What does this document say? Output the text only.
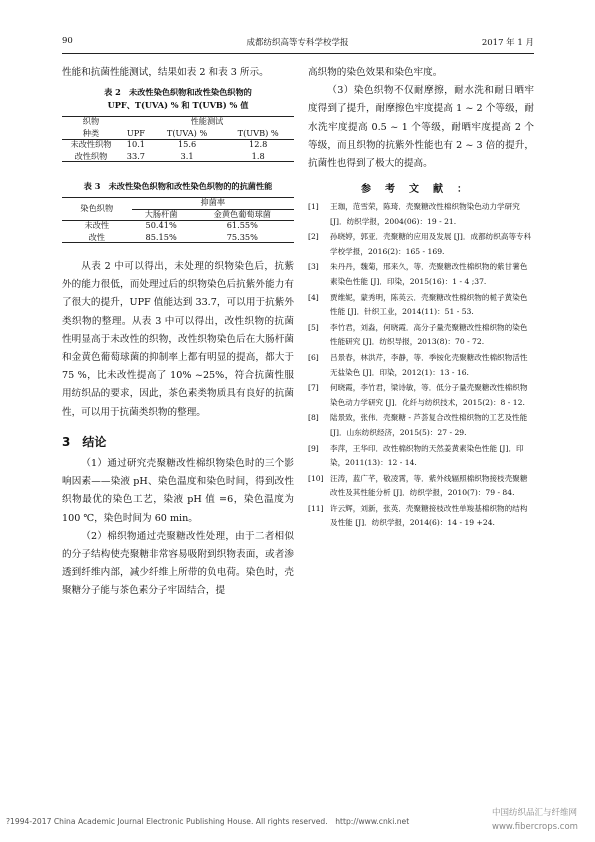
90	成都纺织高等专科学校学报	2017 年 1 月

性能和抗菌性能测试，结果如表 2 和表 3 所示。

表 2　未改性染色织物和改性染色织物的
UPF、T(UVA) % 和 T(UVB) % 值
织物	性能测试		
种类	UPF	T(UVA) %	T(UVB) %
未改性织物	10.1	15.6	12.8
改性织物	33.7	3.1	1.8
表 3　未改性染色织物和改性染色织物的的抗菌性能
染色织物	抑菌率	
	大肠杆菌	金黄色葡萄球菌
未改性	50.41%	61.55%
改性	85.15%	75.35%

从表 2 中可以得出，未处理的织物染色后，抗紫外的能力很低，而处理过后的织物染色后抗紫外能力有了很大的提升，UPF 值能达到 33.7，可以用于抗紫外类织物的整理。从表 3 中可以得出，改性织物的抗菌性明显高于未改性的织物，改性织物染色后在大肠杆菌和金黄色葡萄球菌的抑制率上都有明显的提高，都大于 75 %，比未改性提高了 10% ~25%，符合抗菌性服用纺织品的要求，因此，茶色素类物质具有良好的抗菌性，可以用于抗菌类织物的整理。

3　结论

（1）通过研究壳聚糖改性棉织物染色时的三个影响因素——染液 pH、染色温度和染色时间，得到改性织物最优的染色工艺，染液 pH 值 =6，染色温度为 100 ℃，染色时间为 60 min。

（2）棉织物通过壳聚糖改性处理，由于二者相似的分子结构使壳聚糖非常容易吸附到织物表面，或者渗透到纤维内部，减少纤维上所带的负电荷。染色时，壳聚糖分子能与茶色素分子牢固结合，提

高织物的染色效果和染色牢度。

（3）染色织物不仅耐摩擦，耐水洗和耐日晒牢度得到了提升，耐摩擦色牢度提高 1 ~ 2 个等级，耐水洗牢度提高 0.5 ~ 1 个等级，耐晒牢度提高 2 个等级，而且织物的抗紫外性能也有 2 ~ 3 倍的提升，抗菌性也得到了极大的提高。

参考文献：
[1]	王珈，范雪荣，陈琦．壳聚糖改性棉织物染色动力学研究 [J]．纺织学报，2004(06)：19 - 21.
[2]	孙晓婷，郭亚．壳聚糖的应用及发展 [J]．成都纺织高等专科学校学报，2016(2)：165 - 169.
[3]	朱丹丹，魏菊，邢来久，等．壳聚糖改性棉织物的紫甘薯色素染色性能 [J]．印染，2015(16)：1 - 4 ;37.
[4]	贾维妮，蒙秀明，陈英云．壳聚糖改性棉织物的栀子黄染色性能 [J]．针织工业，2014(11)：51 - 53.
[5]	李竹君，刘淼，何晓霞．高分子量壳聚糖改性棉织物的染色性能研究 [J]．纺织导报，2013(8)：70 - 72.
[6]	吕景春，林洪芹，李静，等．季铵化壳聚糖改性棉织物活性无盐染色 [J]．印染，2012(1)：13 - 16.
[7]	何晓霞，李竹君，梁诗敏，等．低分子量壳聚糖改性棉织物染色动力学研究 [J]．化纤与纺织技术，2015(2)：8 - 12.
[8]	陆景致，张伟．壳聚糖 - 芦荟复合改性棉织物的工艺及性能 [J]．山东纺织经济，2015(5)：27 - 29.
[9]	李萍，王华印．改性棉织物的天然姜黄素染色性能 [J]．印染，2011(13)：12 - 14.
[10] 汪涛，蓝广芊，敬凌霄，等．紫外线辐照棉织物接枝壳聚糖改性及其性能分析 [J]．纺织学报，2010(7)：79 - 84.
[11] 许云辉，刘新，张英．壳聚糖接枝改性单羧基棉织物的结构及性能 [J]．纺织学报，2014(6)：14 - 19 +24.
?1994-2017 China Academic Journal Electronic Publishing House. All rights reserved.　http://www.cnki.net
中国纺织品汇与纤维网
www.fibercrops.com
